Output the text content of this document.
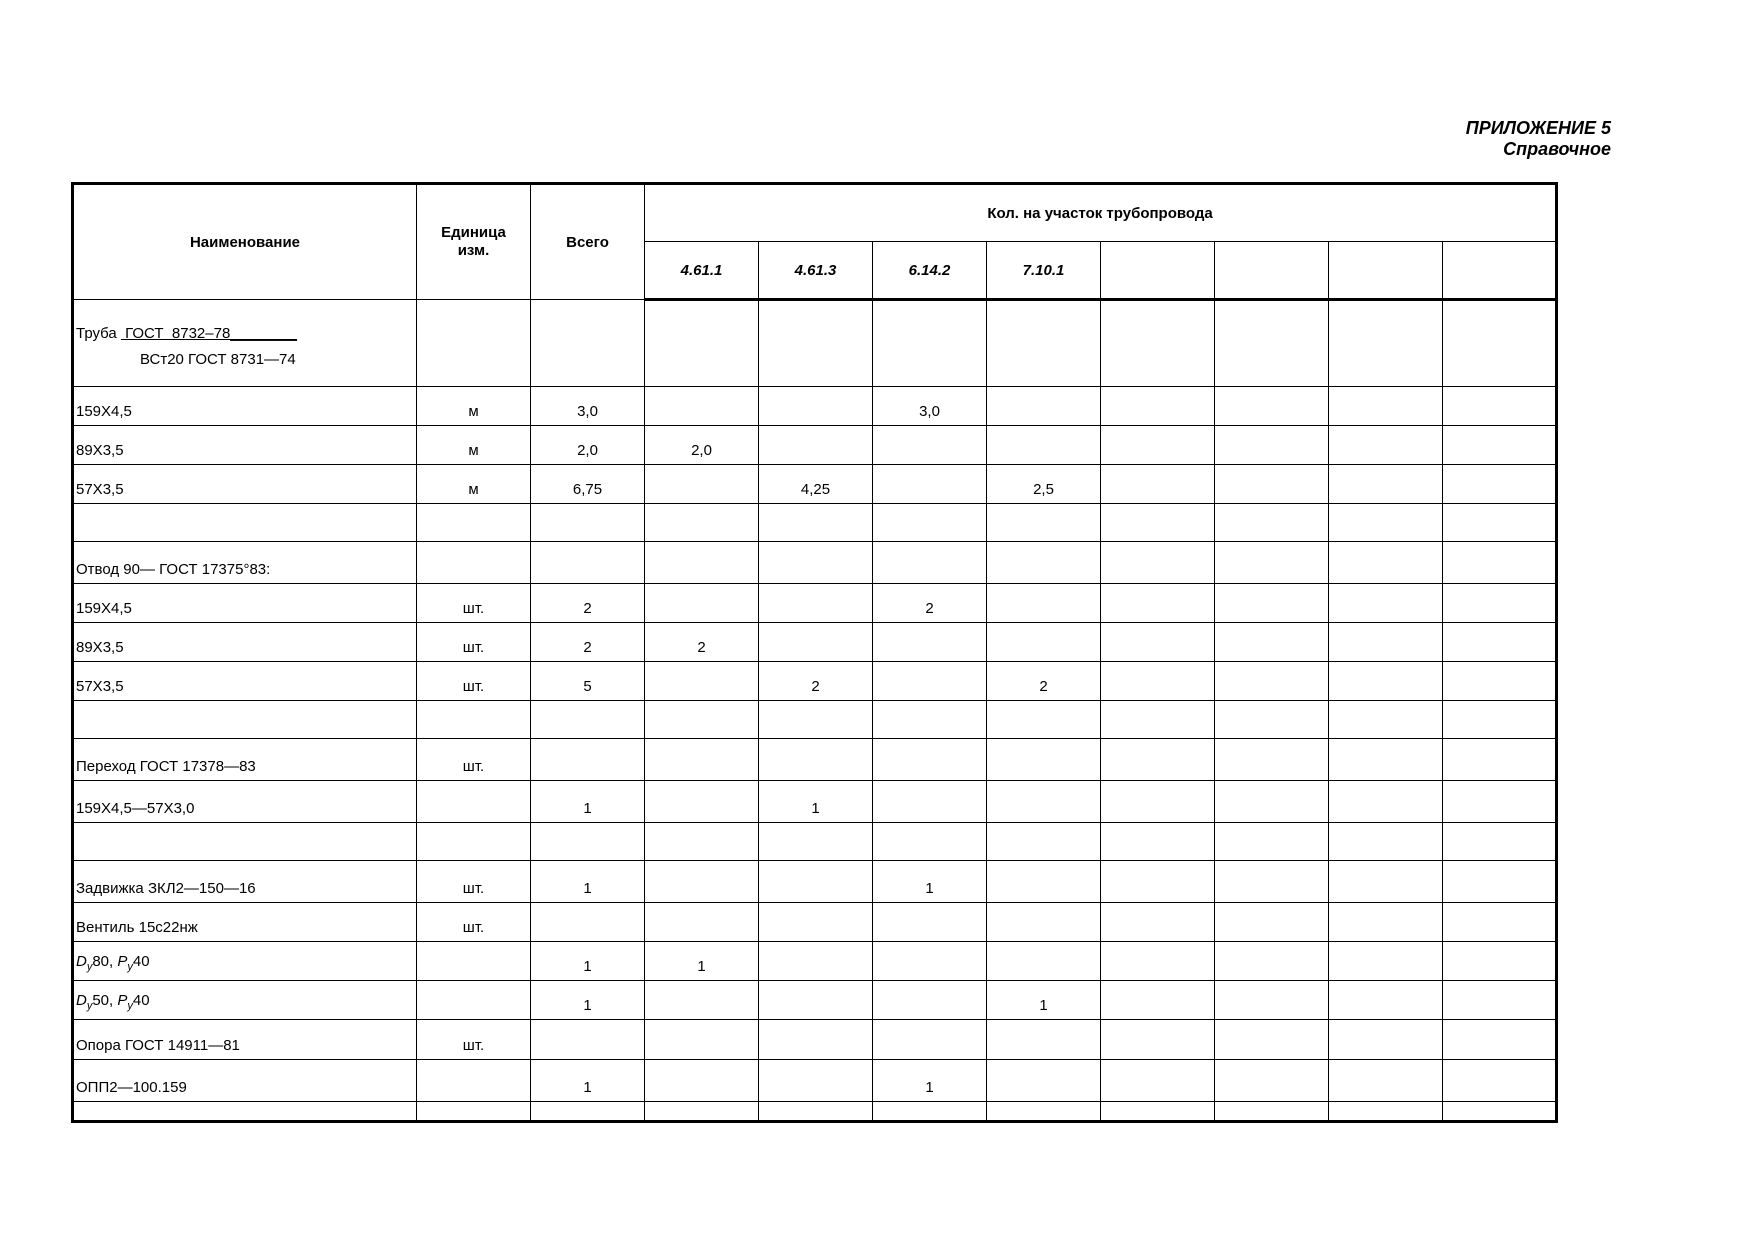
ПРИЛОЖЕНИЕ 5
Справочное
Наименование	Единица
изм.	Всего	Кол. на участок трубопровода							
			4.61.1	4.61.3	6.14.2	7.10.1				
Труба  ГОСТ  8732–78________
ВСт20 ГОСТ 8731—74										

159Х4,5	м	3,0			3,0					
89Х3,5	м	2,0	2,0							
57Х3,5	м	6,75		4,25		2,5				

Отвод 90— ГОСТ 17375°83:										
159Х4,5	шт.	2			2					
89Х3,5	шт.	2	2							
57Х3,5	шт.	5		2		2				

Переход ГОСТ 17378—83	шт.									
159Х4,5—57Х3,0		1		1						

Задвижка ЗКЛ2—150—16	шт.	1			1					
Вентиль 15с22нж	шт.									
$D_у80$, $P_у40$		1	1							
$D_у50$, $P_у40$		1				1				
Опора ГОСТ 14911—81	шт.									
ОПП2—100.159		1			1					
